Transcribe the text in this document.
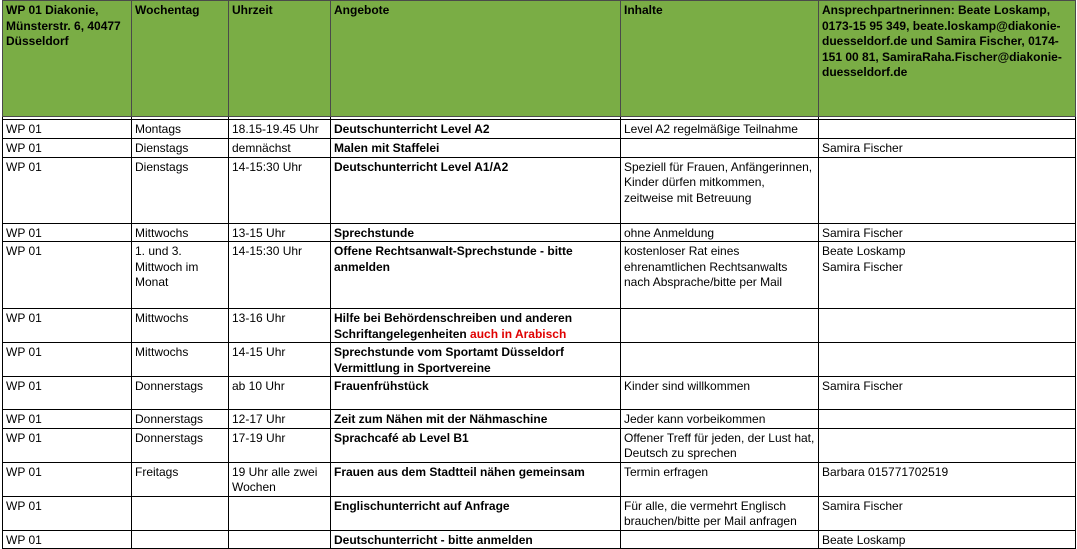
WP 01 Diakonie, Münsterstr. 6, 40477 Düsseldorf	Wochentag	Uhrzeit	Angebote	Inhalte	Ansprechpartnerinnen: Beate Loskamp, 0173-15 95 349, beate.loskamp@diakonie-duesseldorf.de und Samira Fischer, 0174-151 00 81, SamiraRaha.Fischer@diakonie-duesseldorf.de

WP 01	Montags	18.15-19.45 Uhr	Deutschunterricht Level A2	Level A2 regelmäßige Teilnahme	
WP 01	Dienstags	demnächst	Malen mit Staffelei		Samira Fischer
WP 01	Dienstags	14-15:30 Uhr	Deutschunterricht Level A1/A2	Speziell für Frauen, Anfängerinnen, Kinder dürfen mitkommen, zeitweise mit Betreuung	
WP 01	Mittwochs	13-15 Uhr	Sprechstunde	ohne Anmeldung	Samira Fischer
WP 01	1. und 3. Mittwoch im Monat	14-15:30 Uhr	Offene Rechtsanwalt-Sprechstunde - bitte anmelden	kostenloser Rat eines ehrenamtlichen Rechtsanwalts nach Absprache/bitte per Mail	Beate Loskamp
Samira Fischer
WP 01	Mittwochs	13-16 Uhr	Hilfe bei Behördenschreiben und anderen Schriftangelegenheiten auch in Arabisch		
WP 01	Mittwochs	14-15 Uhr	Sprechstunde vom Sportamt Düsseldorf Vermittlung in Sportvereine		
WP 01	Donnerstags	ab 10 Uhr	Frauenfrühstück	Kinder sind willkommen	Samira Fischer
WP 01	Donnerstags	12-17 Uhr	Zeit zum Nähen mit der Nähmaschine	Jeder kann vorbeikommen	
WP 01	Donnerstags	17-19 Uhr	Sprachcafé ab Level B1	Offener Treff für jeden, der Lust hat, Deutsch zu sprechen	
WP 01	Freitags	19 Uhr alle zwei Wochen	Frauen aus dem Stadtteil nähen gemeinsam	Termin erfragen	Barbara 015771702519
WP 01			Englischunterricht auf Anfrage	Für alle, die vermehrt Englisch brauchen/bitte per Mail anfragen	Samira Fischer
WP 01			Deutschunterricht - bitte anmelden		Beate Loskamp
